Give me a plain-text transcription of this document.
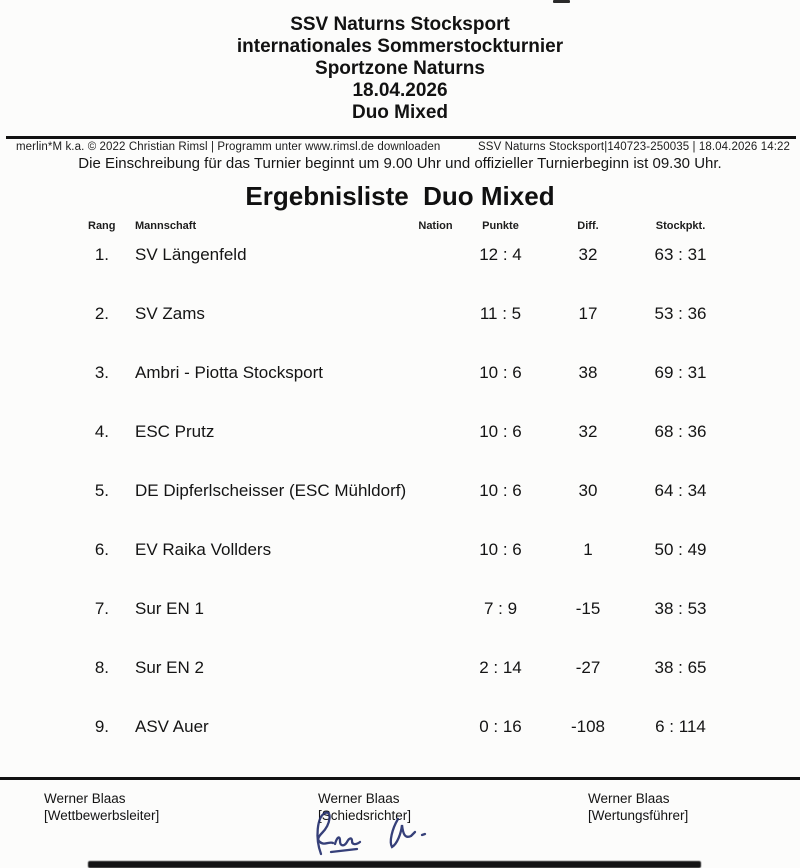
SSV Naturns Stocksport
internationales Sommerstockturnier
Sportzone Naturns
18.04.2026
Duo Mixed
merlin*M k.a. © 2022 Christian Rimsl | Programm unter www.rimsl.de downloaden	SSV Naturns Stocksport|140723-250035 | 18.04.2026 14:22
Die Einschreibung für das Turnier beginnt um 9.00 Uhr und offizieller Turnierbeginn ist 09.30 Uhr.
Ergebnisliste  Duo Mixed
Rang	Mannschaft	Nation	Punkte	Diff.	Stockpkt.
1.	SV Längenfeld	12 : 4	32	63 : 31
2.	SV Zams	11 : 5	17	53 : 36
3.	Ambri - Piotta Stocksport	10 : 6	38	69 : 31
4.	ESC Prutz	10 : 6	32	68 : 36
5.	DE Dipferlscheisser (ESC Mühldorf)	10 : 6	30	64 : 34
6.	EV Raika Vollders	10 : 6	1	50 : 49
7.	Sur EN 1	7 : 9	-15	38 : 53
8.	Sur EN 2	2 : 14	-27	38 : 65
9.	ASV Auer	0 : 16	-108	6 : 114
Werner Blaas
[Wettbewerbsleiter]
Werner Blaas
[Schiedsrichter]
Werner Blaas
[Wertungsführer]
